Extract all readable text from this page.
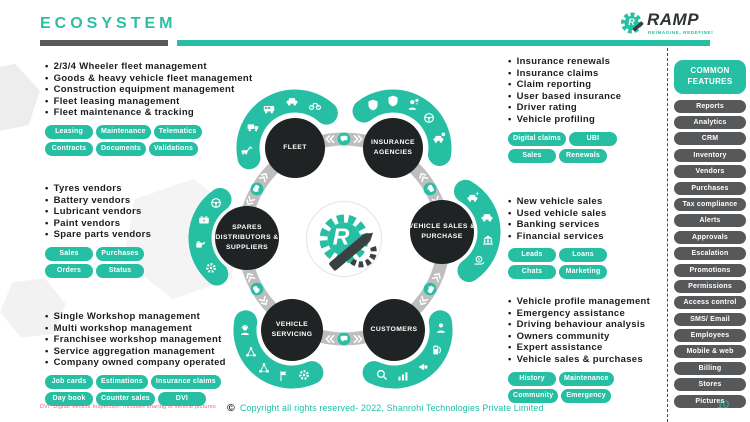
ECOSYSTEM	R RAMP
REIMAGINE, REDEFINE!
• 2/3/4 Wheeler fleet management
• Goods & heavy vehicle fleet management
• Construction equipment management
• Fleet leasing management
• Fleet maintenance & tracking
Leasing	Maintenance	Telematics
Contracts	Documents	Validations
• Tyres vendors
• Battery vendors
• Lubricant vendors
• Paint vendors
• Spare parts vendors
Sales	Purchases
Orders	Status
• Single Workshop management
• Multi workshop management
• Franchisee workshop management
• Service aggregation management
• Company owned company operated
Job cards	Estimations	Insurance claims
Day book	Counter sales	DVI
• Insurance renewals
• Insurance claims
• Claim reporting
• User based insurance
• Driver rating
• Vehicle profiling
Digital claims	UBI
Sales	Renewals
• New vehicle sales
• Used vehicle sales
• Banking services
• Financial services
Leads	Loans
Chats	Marketing
• Vehicle profile management
• Emergency assistance
• Driving behaviour analysis
• Owners community
• Expert assistance
• Vehicle sales & purchases
History	Maintenance
Community	Emergency
FLEET
INSURANCE AGENCIES
SPARES DISTRIBUTORS & SUPPLIERS
VEHICLE SALES & PURCHASE
VEHICLE SERVICING
CUSTOMERS
R
COMMON FEATURES
Reports
Analytics
CRM
Inventory
Vendors
Purchases
Tax compliance
Alerts
Approvals
Escalation
Promotions
Permissions
Access control
SMS/ Email
Employees
Mobile & web
Billing
Stores
Pictures
10
© Copyright all rights reserved- 2022, Shanrohi Technologies Private Limited
DVI: Digital Vehicle Inspection. Includes sharing of vehicle pictures
